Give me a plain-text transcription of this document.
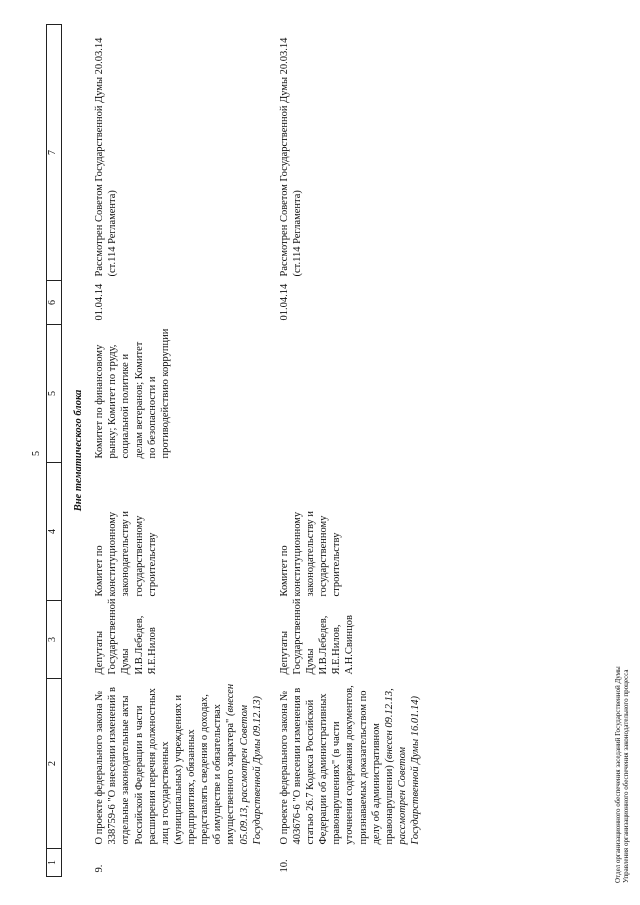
5
1	2	3	4	5	6	7
Вне тематического блока						
9.	О проекте федерального закона № 338759-6 "О внесении изменений в отдельные законодательные акты Российской Федерации в части расширения перечня должностных лиц в государственных (муниципальных) учреждениях и предприятиях, обязанных представлять сведения о доходах, об имуществе и обязательствах имущественного характера" (внесен 05.09.13, рассмотрен Советом Государственной Думы 09.12.13)	Депутаты Государственной Думы И.В.Лебедев, Я.Е.Нилов	Комитет по конституционному законодательству и государственному строительству	Комитет по финансовому рынку; Комитет по труду, социальной политике и делам ветеранов; Комитет по безопасности и противодействию коррупции	01.04.14	Рассмотрен Советом Государственной Думы 20.03.14 (ст.114 Регламента)

10.	О проекте федерального закона № 403676-6 "О внесении изменения в статью 26.7 Кодекса Российской Федерации об административных правонарушениях" (в части уточнения содержания документов, признаваемых доказательством по делу об административном правонарушении) (внесен 09.12.13, рассмотрен Советом Государственной Думы 16.01.14)	Депутаты Государственной Думы И.В.Лебедев, Я.Е.Нилов, А.Н.Свинцов	Комитет по конституционному законодательству и государственному строительству		01.04.14	Рассмотрен Советом Государственной Думы 20.03.14 (ст.114 Регламента)
Отдел организационного обеспечения заседаний Государственной Думы Управления организационного обеспечения законодательного процесса
